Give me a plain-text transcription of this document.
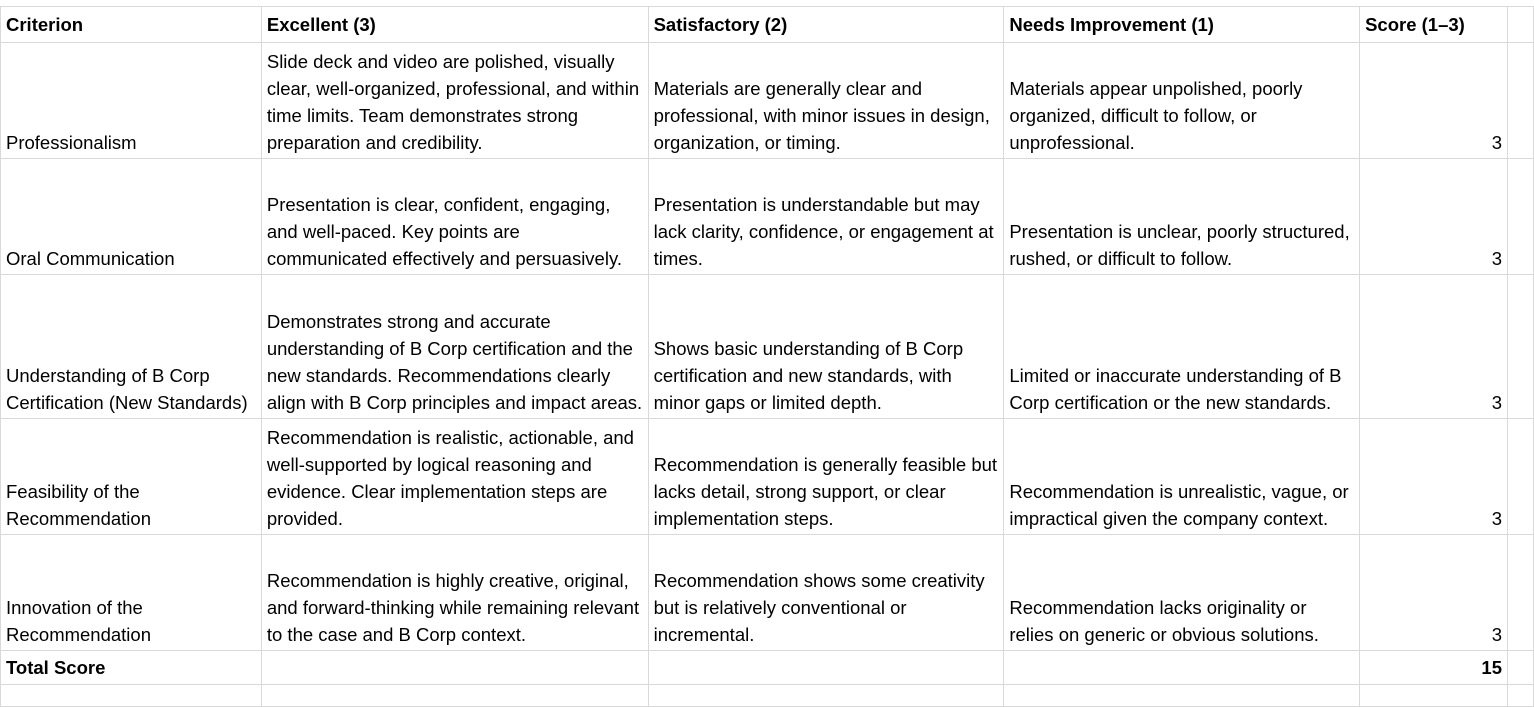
Criterion	Excellent (3)	Satisfactory (2)	Needs Improvement (1)	Score (1–3)	
Professionalism	Slide deck and video are polished, visually clear, well-organized, professional, and within time limits. Team demonstrates strong preparation and credibility.	Materials are generally clear and professional, with minor issues in design, organization, or timing.	Materials appear unpolished, poorly organized, difficult to follow, or unprofessional.	3	
Oral Communication	Presentation is clear, confident, engaging, and well-paced. Key points are communicated effectively and persuasively.	Presentation is understandable but may lack clarity, confidence, or engagement at times.	Presentation is unclear, poorly structured, rushed, or difficult to follow.	3	
Understanding of B Corp Certification (New Standards)	Demonstrates strong and accurate understanding of B Corp certification and the new standards. Recommendations clearly align with B Corp principles and impact areas.	Shows basic understanding of B Corp certification and new standards, with minor gaps or limited depth.	Limited or inaccurate understanding of B Corp certification or the new standards.	3	
Feasibility of the Recommendation	Recommendation is realistic, actionable, and well-supported by logical reasoning and evidence. Clear implementation steps are provided.	Recommendation is generally feasible but lacks detail, strong support, or clear implementation steps.	Recommendation is unrealistic, vague, or impractical given the company context.	3	
Innovation of the Recommendation	Recommendation is highly creative, original, and forward-thinking while remaining relevant to the case and B Corp context.	Recommendation shows some creativity but is relatively conventional or incremental.	Recommendation lacks originality or relies on generic or obvious solutions.	3	
Total Score				15	
